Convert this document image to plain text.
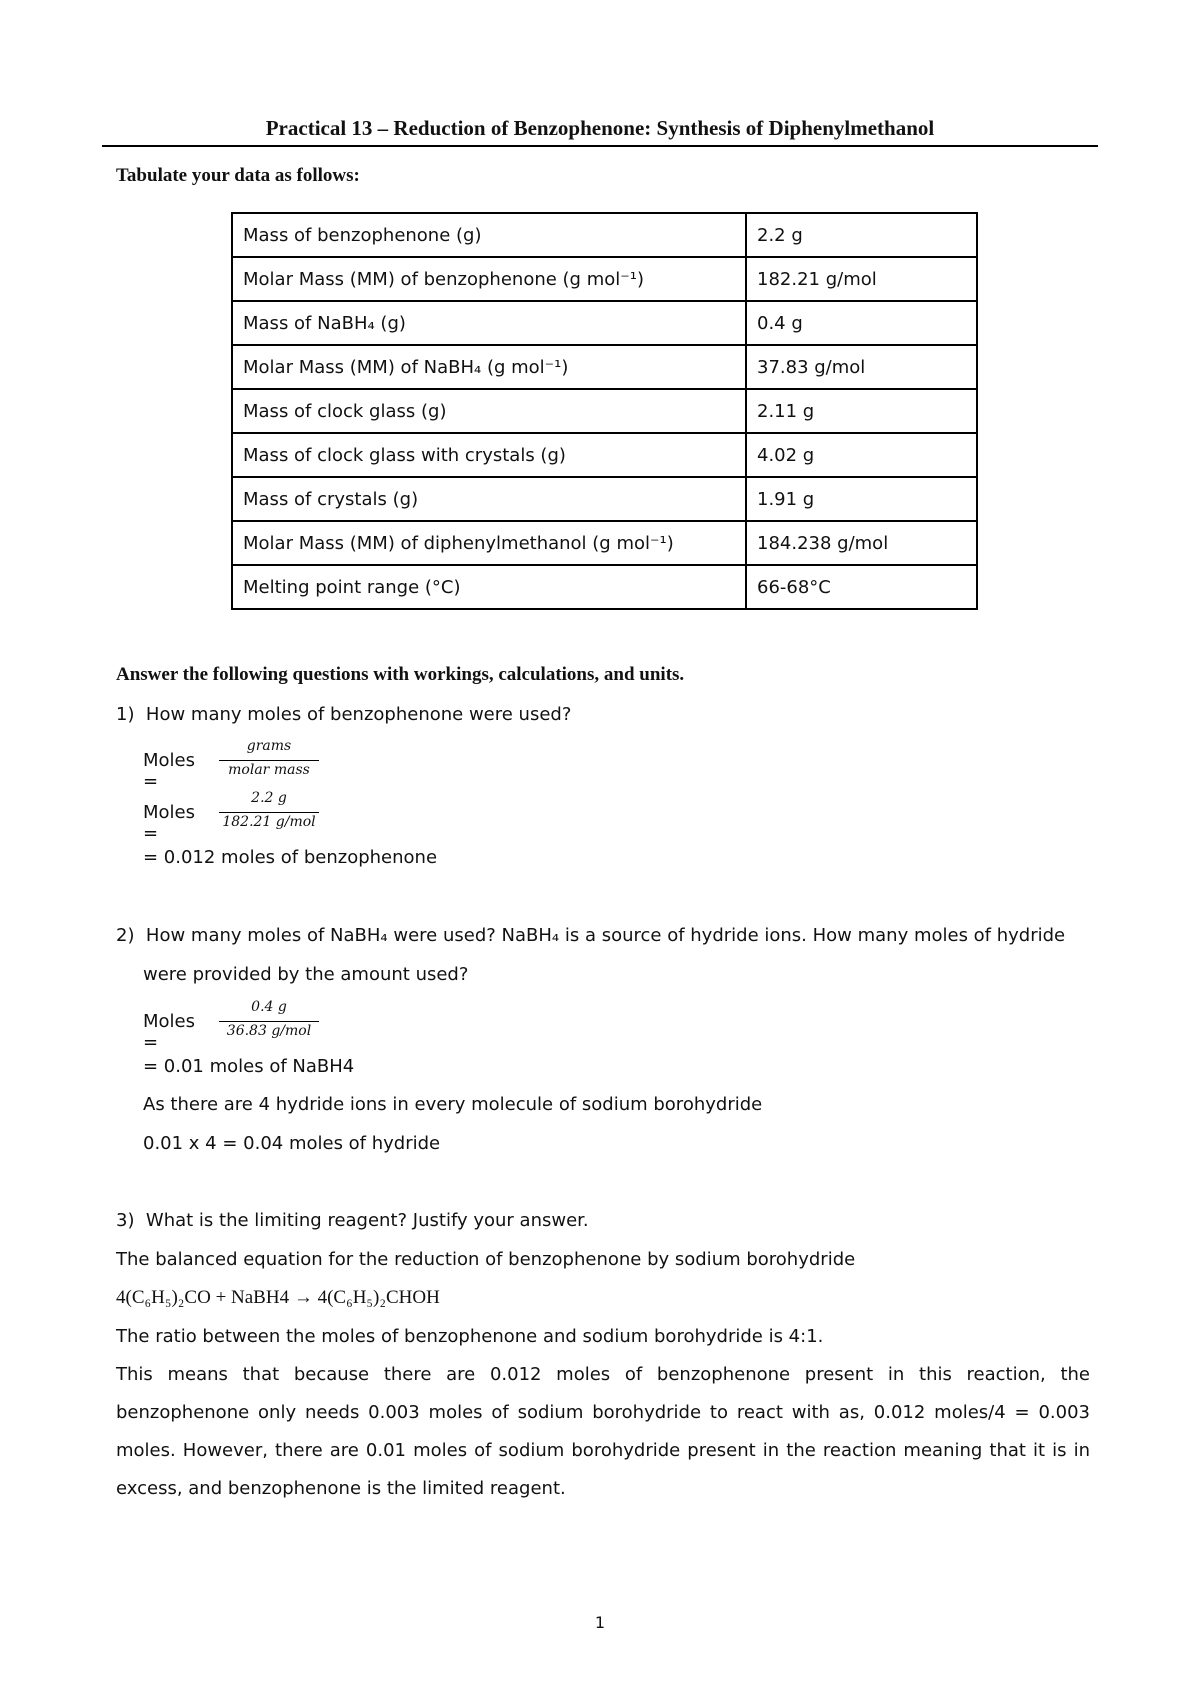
Practical 13 – Reduction of Benzophenone: Synthesis of Diphenylmethanol
Tabulate your data as follows:
Mass of benzophenone (g)	2.2 g
Molar Mass (MM) of benzophenone (g mol⁻¹)	182.21 g/mol
Mass of NaBH₄ (g)	0.4 g
Molar Mass (MM) of NaBH₄ (g mol⁻¹)	37.83 g/mol
Mass of clock glass (g)	2.11 g
Mass of clock glass with crystals (g)	4.02 g
Mass of crystals (g)	1.91 g
Molar Mass (MM) of diphenylmethanol (g mol⁻¹)	184.238 g/mol
Melting point range (°C)	66-68°C
Answer the following questions with workings, calculations, and units.
1)  How many moles of benzophenone were used?
Moles =
grams
molar mass
Moles =
2.2 g
182.21 g/mol
= 0.012 moles of benzophenone
2)  How many moles of NaBH₄ were used? NaBH₄ is a source of hydride ions. How many moles of hydride
were provided by the amount used?
Moles =
0.4 g
36.83 g/mol
= 0.01 moles of NaBH4
As there are 4 hydride ions in every molecule of sodium borohydride
0.01 x 4 = 0.04 moles of hydride
3)  What is the limiting reagent? Justify your answer.
The balanced equation for the reduction of benzophenone by sodium borohydride
4(C₆H₅)₂CO + NaBH4 → 4(C₆H₅)₂CHOH
The ratio between the moles of benzophenone and sodium borohydride is 4:1.
This means that because there are 0.012 moles of benzophenone present in this reaction, the benzophenone only needs 0.003 moles of sodium borohydride to react with as, 0.012 moles/4 = 0.003 moles. However, there are 0.01 moles of sodium borohydride present in the reaction meaning that it is in excess, and benzophenone is the limited reagent.
1
